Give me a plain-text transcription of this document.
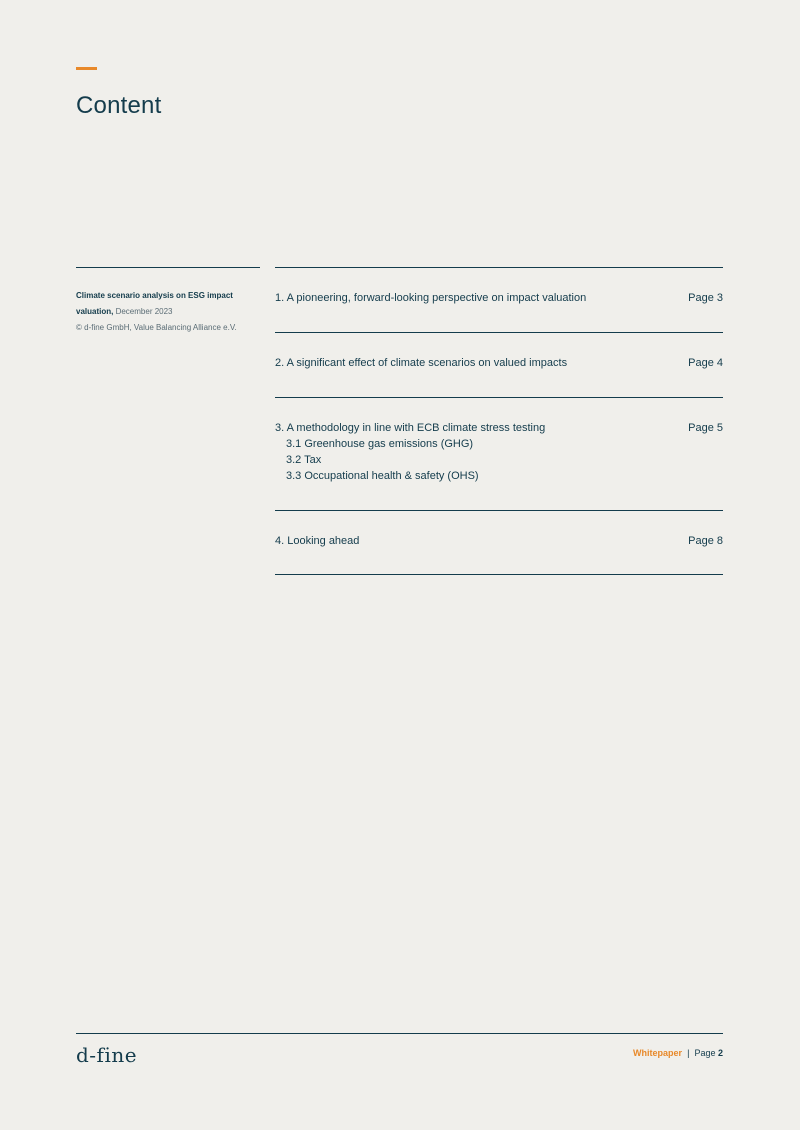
Content
Climate scenario analysis on ESG impact valuation, December 2023
© d-fine GmbH, Value Balancing Alliance e.V.
1. A pioneering, forward-looking perspective on impact valuation	Page 3
2. A significant effect of climate scenarios on valued impacts	Page 4
3. A methodology in line with ECB climate stress testing	Page 5
3.1 Greenhouse gas emissions (GHG)
3.2 Tax
3.3 Occupational health & safety (OHS)
4. Looking ahead	Page 8
d-fine	Whitepaper | Page 2
